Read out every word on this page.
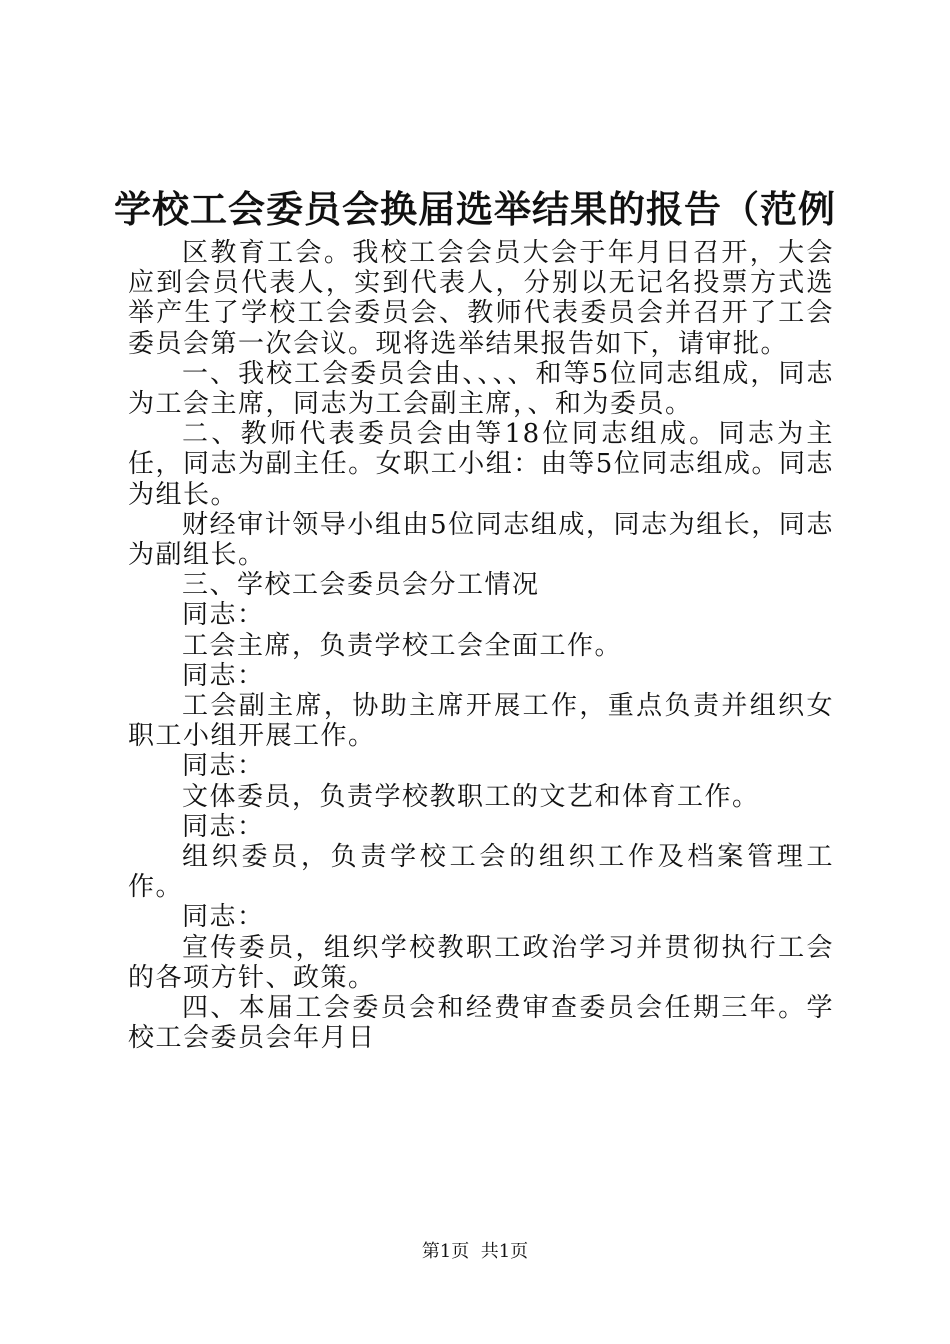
学校工会委员会换届选举结果的报告（范例

区教育工会。我校工会会员大会于年月日召开，大会应到会员代表人，实到代表人，分别以无记名投票方式选举产生了学校工会委员会、教师代表委员会并召开了工会委员会第一次会议。现将选举结果报告如下，请审批。

一、我校工会委员会由、、、、和等5位同志组成，同志为工会主席，同志为工会副主席，、和为委员。

二、教师代表委员会由等18位同志组成。同志为主任，同志为副主任。女职工小组：由等5位同志组成。同志为组长。

财经审计领导小组由5位同志组成，同志为组长，同志为副组长。

三、学校工会委员会分工情况

同志：

工会主席，负责学校工会全面工作。

同志：

工会副主席，协助主席开展工作，重点负责并组织女职工小组开展工作。

同志：

文体委员，负责学校教职工的文艺和体育工作。

同志：

组织委员，负责学校工会的组织工作及档案管理工作。

同志：

宣传委员，组织学校教职工政治学习并贯彻执行工会的各项方针、政策。

四、本届工会委员会和经费审查委员会任期三年。学校工会委员会年月日

第1页  共1页
